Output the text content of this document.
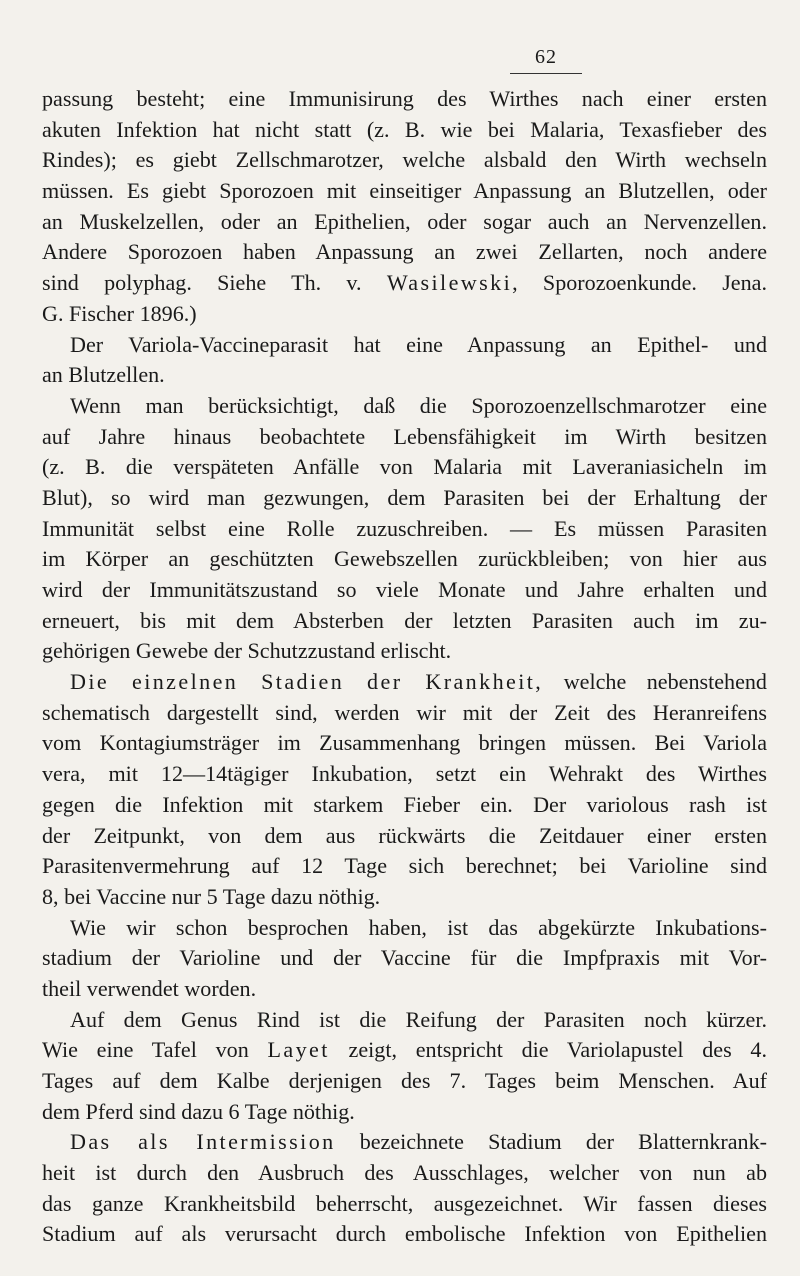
62
passung besteht; eine Immunisirung des Wirthes nach einer ersten
akuten Infektion hat nicht statt (z. B. wie bei Malaria, Texasfieber des
Rindes); es giebt Zellschmarotzer, welche alsbald den Wirth wechseln
müssen. Es giebt Sporozoen mit einseitiger Anpassung an Blutzellen, oder
an Muskelzellen, oder an Epithelien, oder sogar auch an Nervenzellen.
Andere Sporozoen haben Anpassung an zwei Zellarten, noch andere
sind polyphag. Siehe Th. v. Wasilewski, Sporozoenkunde. Jena.
G. Fischer 1896.)
Der Variola-Vaccineparasit hat eine Anpassung an Epithel- und
an Blutzellen.
Wenn man berücksichtigt, daß die Sporozoenzellschmarotzer eine
auf Jahre hinaus beobachtete Lebensfähigkeit im Wirth besitzen
(z. B. die verspäteten Anfälle von Malaria mit Laveraniasicheln im
Blut), so wird man gezwungen, dem Parasiten bei der Erhaltung der
Immunität selbst eine Rolle zuzuschreiben. — Es müssen Parasiten
im Körper an geschützten Gewebszellen zurückbleiben; von hier aus
wird der Immunitätszustand so viele Monate und Jahre erhalten und
erneuert, bis mit dem Absterben der letzten Parasiten auch im zu-
gehörigen Gewebe der Schutzzustand erlischt.
Die einzelnen Stadien der Krankheit, welche nebenstehend
schematisch dargestellt sind, werden wir mit der Zeit des Heranreifens
vom Kontagiumsträger im Zusammenhang bringen müssen. Bei Variola
vera, mit 12—14tägiger Inkubation, setzt ein Wehrakt des Wirthes
gegen die Infektion mit starkem Fieber ein. Der variolous rash ist
der Zeitpunkt, von dem aus rückwärts die Zeitdauer einer ersten
Parasitenvermehrung auf 12 Tage sich berechnet; bei Varioline sind
8, bei Vaccine nur 5 Tage dazu nöthig.
Wie wir schon besprochen haben, ist das abgekürzte Inkubations-
stadium der Varioline und der Vaccine für die Impfpraxis mit Vor-
theil verwendet worden.
Auf dem Genus Rind ist die Reifung der Parasiten noch kürzer.
Wie eine Tafel von Layet zeigt, entspricht die Variolapustel des 4.
Tages auf dem Kalbe derjenigen des 7. Tages beim Menschen. Auf
dem Pferd sind dazu 6 Tage nöthig.
Das als Intermission bezeichnete Stadium der Blatternkrank-
heit ist durch den Ausbruch des Ausschlages, welcher von nun ab
das ganze Krankheitsbild beherrscht, ausgezeichnet. Wir fassen dieses
Stadium auf als verursacht durch embolische Infektion von Epithelien
